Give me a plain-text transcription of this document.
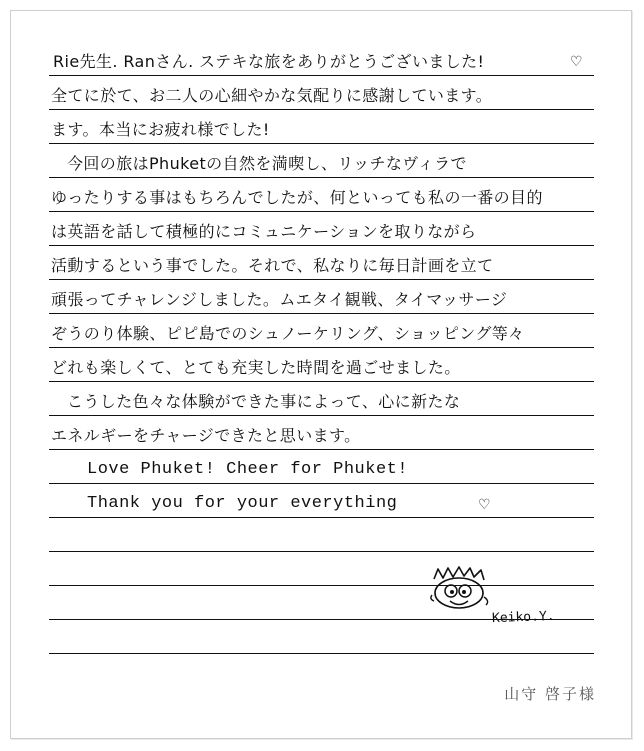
Rie先生. Ranさん. ステキな旅をありがとうございました!	♡
全てに於て、お二人の心細やかな気配りに感謝しています。
ます。本当にお疲れ様でした!
今回の旅はPhuketの自然を満喫し、リッチなヴィラで
ゆったりする事はもちろんでしたが、何といっても私の一番の目的
は英語を話して積極的にコミュニケーションを取りながら
活動するという事でした。それで、私なりに毎日計画を立て
頑張ってチャレンジしました。ムエタイ観戦、タイマッサージ
ぞうのり体験、ピピ島でのシュノーケリング、ショッピング等々
どれも楽しくて、とても充実した時間を過ごせました。
こうした色々な体験ができた事によって、心に新たな
エネルギーをチャージできたと思います。
Love Phuket! Cheer for Phuket!
Thank you for your everything	♡
Keiko.Y.
山守 啓子様
